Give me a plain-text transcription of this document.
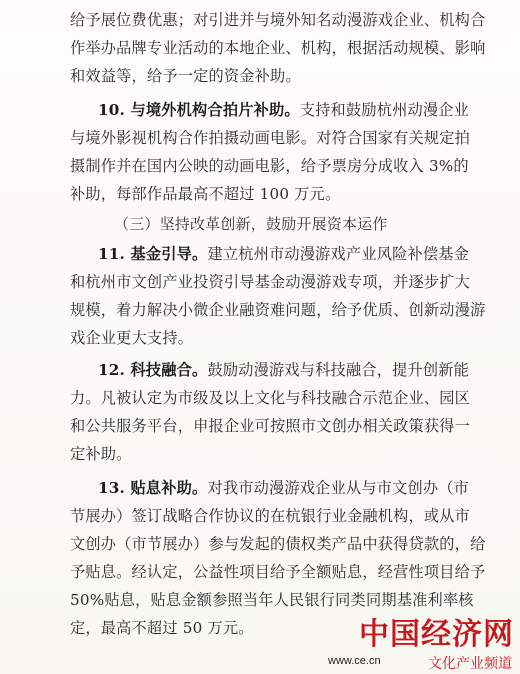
给予展位费优惠；对引进并与境外知名动漫游戏企业、机构合
作举办品牌专业活动的本地企业、机构，根据活动规模、影响
和效益等，给予一定的资金补助。
10. 与境外机构合拍片补助。支持和鼓励杭州动漫企业
与境外影视机构合作拍摄动画电影。对符合国家有关规定拍
摄制作并在国内公映的动画电影，给予票房分成收入 3%的
补助，每部作品最高不超过 100 万元。
（三）坚持改革创新，鼓励开展资本运作
11. 基金引导。建立杭州市动漫游戏产业风险补偿基金
和杭州市文创产业投资引导基金动漫游戏专项，并逐步扩大
规模，着力解决小微企业融资难问题，给予优质、创新动漫游
戏企业更大支持。
12. 科技融合。鼓励动漫游戏与科技融合，提升创新能
力。凡被认定为市级及以上文化与科技融合示范企业、园区
和公共服务平台，申报企业可按照市文创办相关政策获得一
定补助。
13. 贴息补助。对我市动漫游戏企业从与市文创办（市
节展办）签订战略合作协议的在杭银行业金融机构，或从市
文创办（市节展办）参与发起的债权类产品中获得贷款的，给
予贴息。经认定，公益性项目给予全额贴息，经营性项目给予
50%贴息，贴息金额参照当年人民银行同类同期基准利率核
定，最高不超过 50 万元。	中国经济网
www.ce.cn	文化产业频道
